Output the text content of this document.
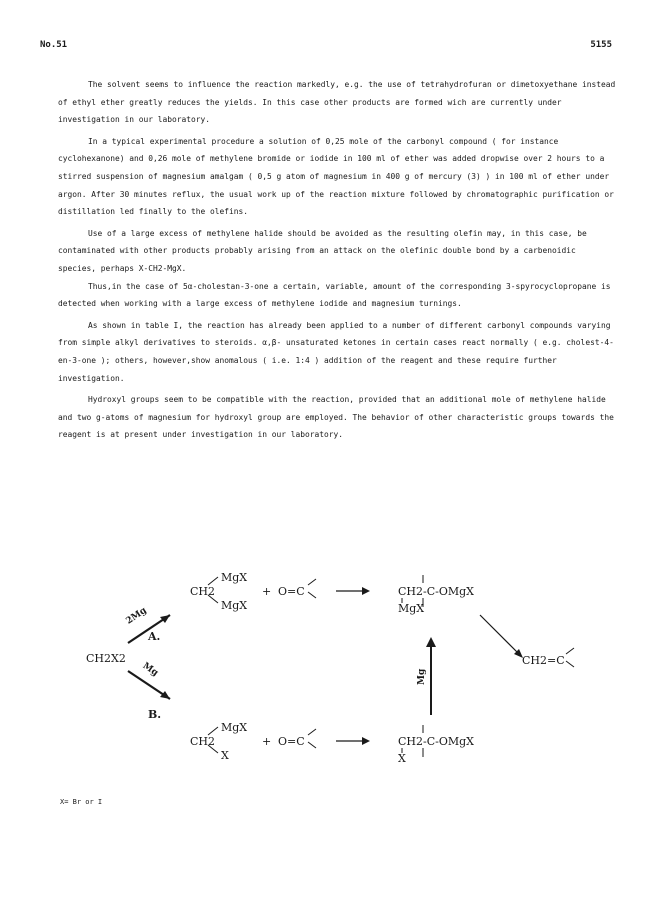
No.51	5155

The solvent seems to influence the reaction markedly, e.g. the use of tetrahydrofuran or dimetoxyethane instead of ethyl ether greatly reduces the yields. In this case other products are formed wich are currently under investigation in our laboratory.

In a typical experimental procedure a solution of 0,25 mole of the carbonyl compound ( for instance cyclohexanone) and 0,26 mole of methylene bromide or iodide in 100 ml of ether was added dropwise over 2 hours to a stirred suspension of magnesium amalgam ( 0,5 g atom of magnesium in 400 g of mercury (3) ) in 100 ml of ether under argon. After 30 minutes reflux, the usual work up of the reaction mixture followed by chromatographic purification or distillation led finally to the olefins.

Use of a large excess of methylene halide should be avoided as the resulting olefin may, in this case, be contaminated with other products probably arising from an attack on the olefinic double bond by a carbenoidic species, perhaps X-CH2-MgX.

Thus,in the case of 5α-cholestan-3-one a certain, variable, amount of the corresponding 3-spyrocyclopropane is detected when working with a large excess of methylene iodide and magnesium turnings.

As shown in table I, the reaction has already been applied to a number of different carbonyl compounds varying from simple alkyl derivatives to steroids. α,β- unsaturated ketones in certain cases react normally ( e.g. cholest-4-en-3-one ); others, however,show anomalous ( i.e. 1:4 ) addition of the reagent and these require further investigation.

Hydroxyl groups seem to be compatible with the reaction, provided that an additional mole of methylene halide and two g-atoms of magnesium for hydroxyl group are employed. The behavior of other characteristic groups towards the reagent is at present under investigation in our laboratory.

CH2X2
2Mg
A.
Mg
B.
CH2
MgX
MgX
+ O=C	CH2-C-OMgX
MgX
CH2=C
Mg
CH2
MgX
X
+ O=C	CH2-C-OMgX
X
X= Br or I
